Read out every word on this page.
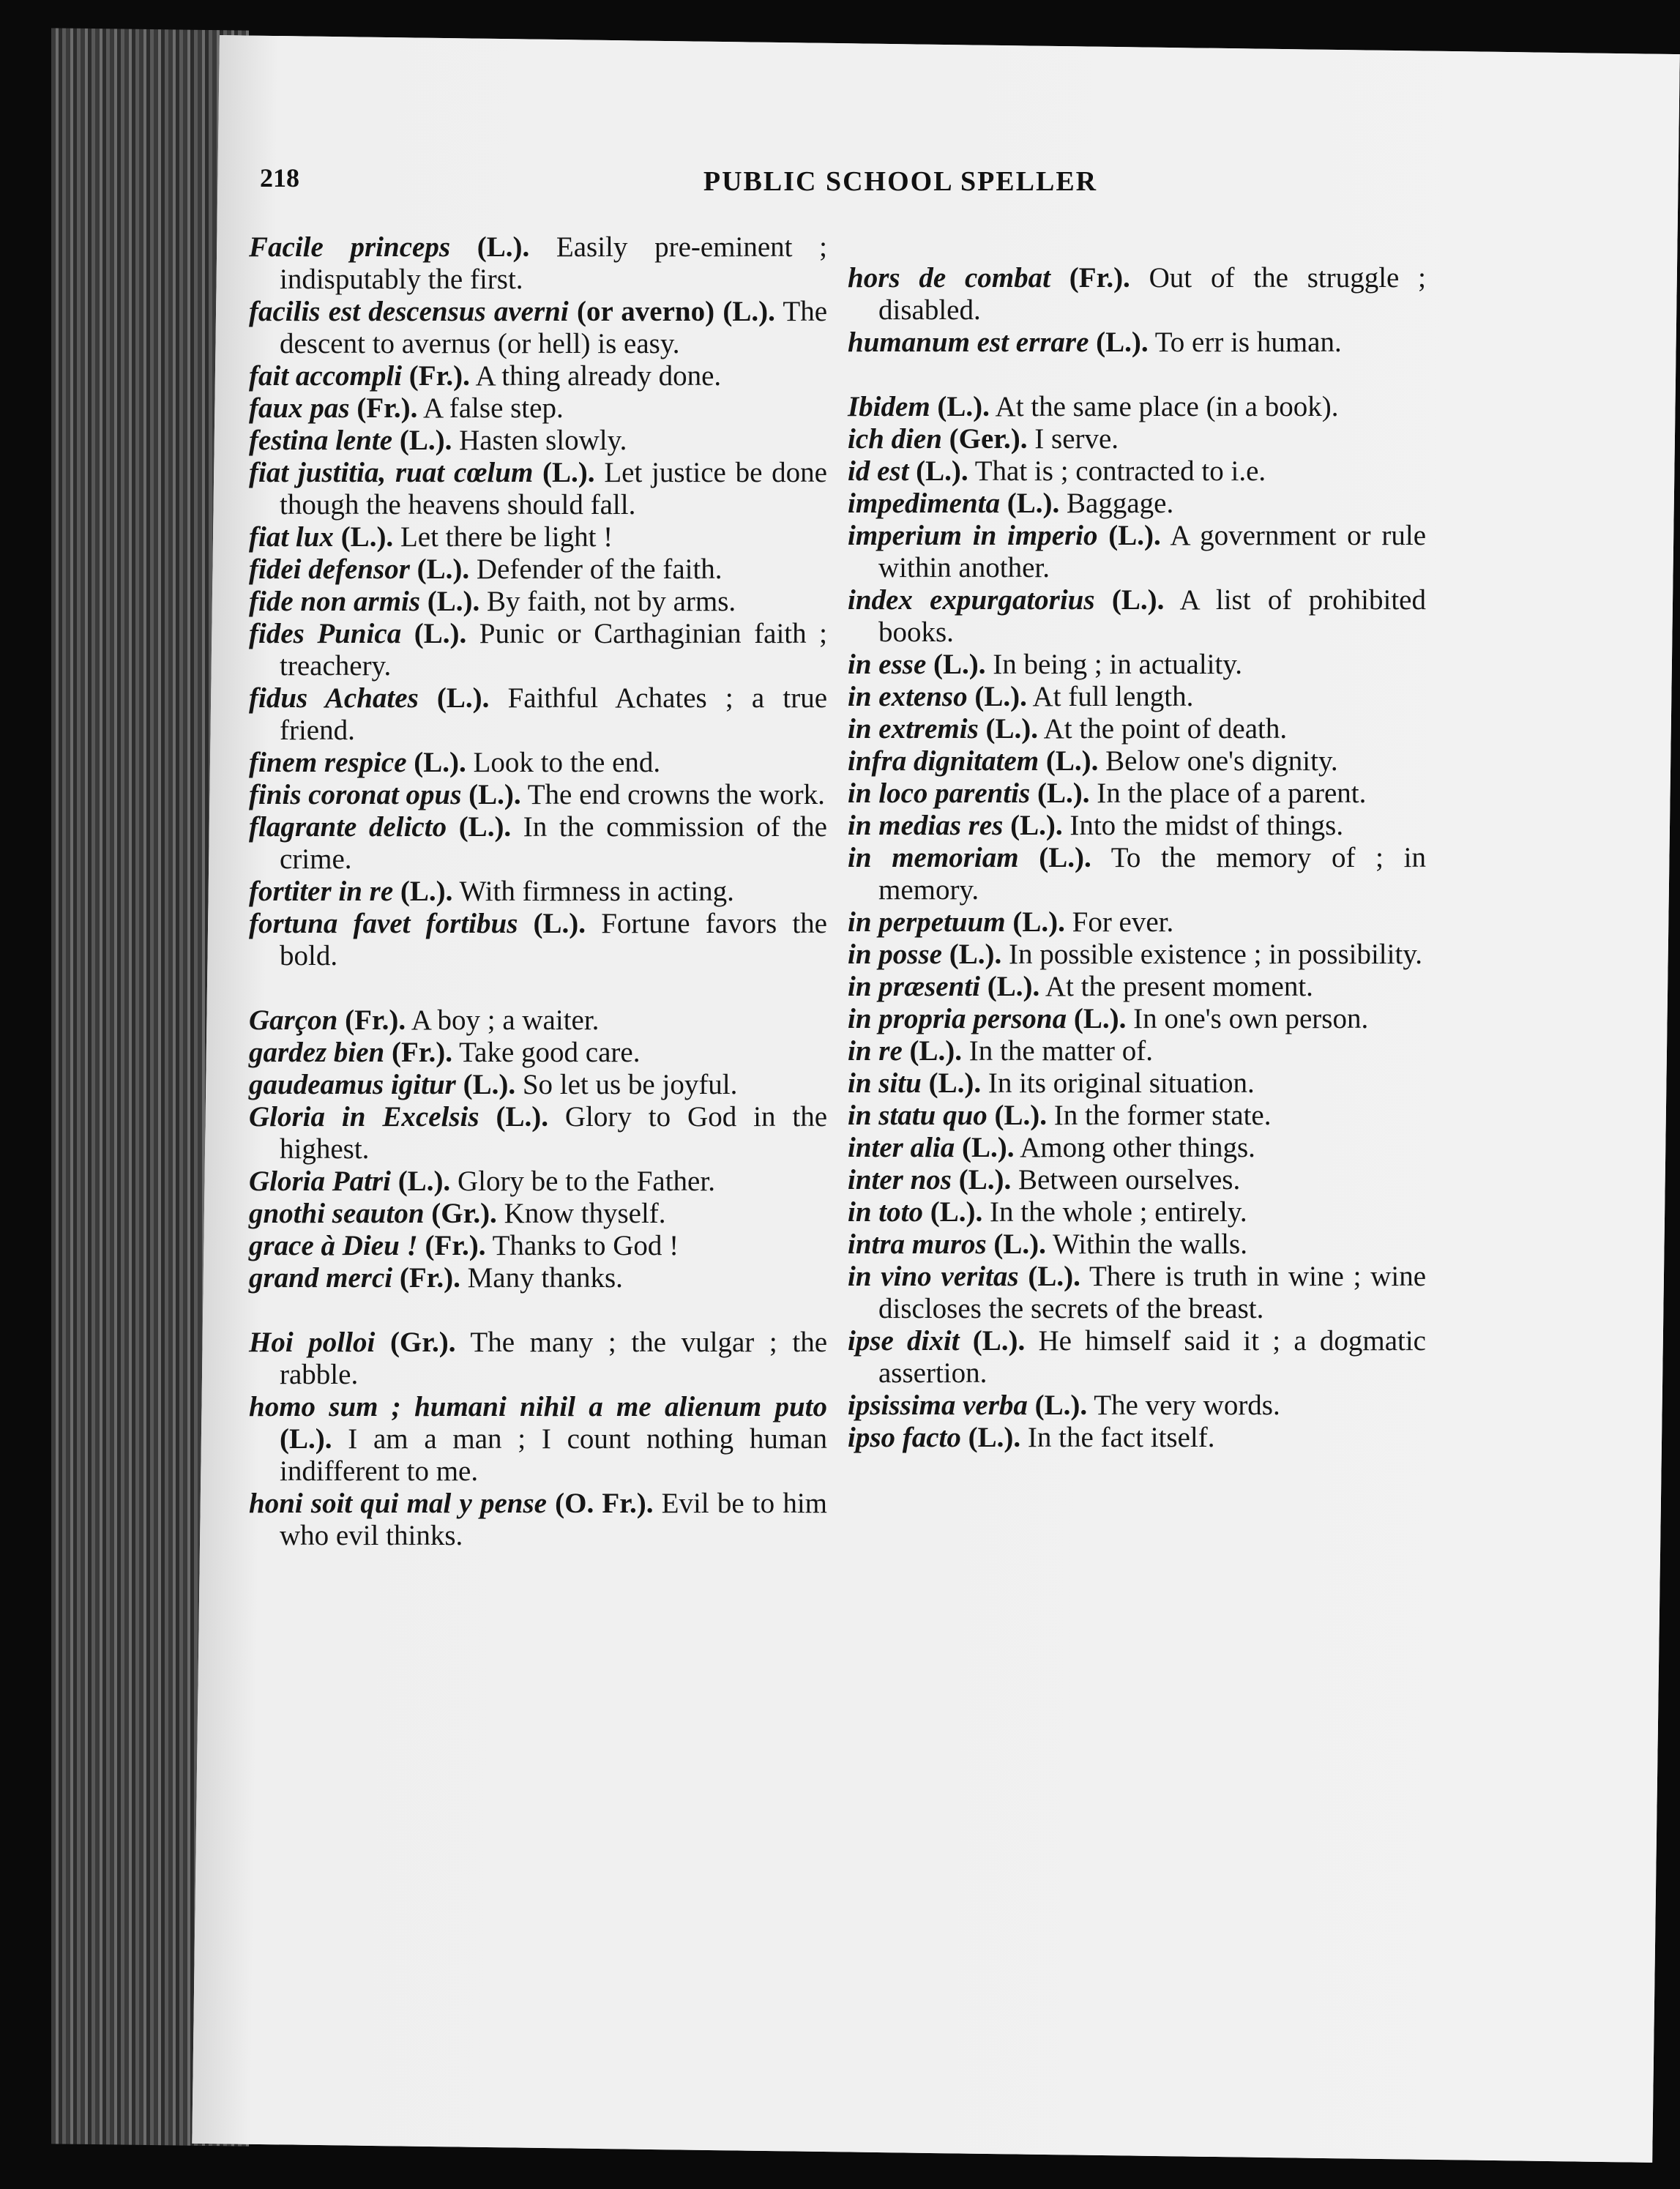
218	PUBLIC SCHOOL SPELLER
Facile princeps (L.). Easily pre-eminent ; indisputably the first.
facilis est descensus averni (or averno) (L.). The descent to avernus (or hell) is easy.
fait accompli (Fr.). A thing already done.
faux pas (Fr.). A false step.
festina lente (L.). Hasten slowly.
fiat justitia, ruat cœlum (L.). Let justice be done though the heavens should fall.
fiat lux (L.). Let there be light !
fidei defensor (L.). Defender of the faith.
fide non armis (L.). By faith, not by arms.
fides Punica (L.). Punic or Carthaginian faith ; treachery.
fidus Achates (L.). Faithful Achates ; a true friend.
finem respice (L.). Look to the end.
finis coronat opus (L.). The end crowns the work.
flagrante delicto (L.). In the commission of the crime.
fortiter in re (L.). With firmness in acting.
fortuna favet fortibus (L.). Fortune favors the bold.
Garçon (Fr.). A boy ; a waiter.
gardez bien (Fr.). Take good care.
gaudeamus igitur (L.). So let us be joyful.
Gloria in Excelsis (L.). Glory to God in the highest.
Gloria Patri (L.). Glory be to the Father.
gnothi seauton (Gr.). Know thyself.
grace à Dieu ! (Fr.). Thanks to God !
grand merci (Fr.). Many thanks.
Hoi polloi (Gr.). The many ; the vulgar ; the rabble.
homo sum ; humani nihil a me alienum puto (L.). I am a man ; I count nothing human indifferent to me.
honi soit qui mal y pense (O. Fr.). Evil be to him who evil thinks.
hors de combat (Fr.). Out of the struggle ; disabled.
humanum est errare (L.). To err is human.
Ibidem (L.). At the same place (in a book).
ich dien (Ger.). I serve.
id est (L.). That is ; contracted to i.e.
impedimenta (L.). Baggage.
imperium in imperio (L.). A government or rule within another.
index expurgatorius (L.). A list of prohibited books.
in esse (L.). In being ; in actuality.
in extenso (L.). At full length.
in extremis (L.). At the point of death.
infra dignitatem (L.). Below one's dignity.
in loco parentis (L.). In the place of a parent.
in medias res (L.). Into the midst of things.
in memoriam (L.). To the memory of ; in memory.
in perpetuum (L.). For ever.
in posse (L.). In possible existence ; in possibility.
in præsenti (L.). At the present moment.
in propria persona (L.). In one's own person.
in re (L.). In the matter of.
in situ (L.). In its original situation.
in statu quo (L.). In the former state.
inter alia (L.). Among other things.
inter nos (L.). Between ourselves.
in toto (L.). In the whole ; entirely.
intra muros (L.). Within the walls.
in vino veritas (L.). There is truth in wine ; wine discloses the secrets of the breast.
ipse dixit (L.). He himself said it ; a dogmatic assertion.
ipsissima verba (L.). The very words.
ipso facto (L.). In the fact itself.
